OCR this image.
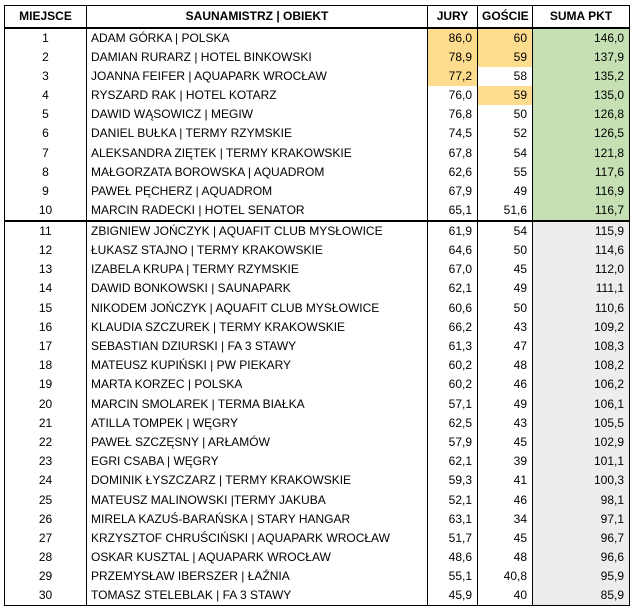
MIEJSCE	SAUNAMISTRZ | OBIEKT	JURY	GOŚCIE	SUMA PKT
1	ADAM GÓRKA | POLSKA	86,0	60	146,0
2	DAMIAN RURARZ | HOTEL BINKOWSKI	78,9	59	137,9
3	JOANNA FEIFER | AQUAPARK WROCŁAW	77,2	58	135,2
4	RYSZARD RAK | HOTEL KOTARZ	76,0	59	135,0
5	DAWID WĄSOWICZ | MEGIW	76,8	50	126,8
6	DANIEL BUŁKA | TERMY RZYMSKIE	74,5	52	126,5
7	ALEKSANDRA ZIĘTEK | TERMY KRAKOWSKIE	67,8	54	121,8
8	MAŁGORZATA BOROWSKA | AQUADROM	62,6	55	117,6
9	PAWEŁ PĘCHERZ | AQUADROM	67,9	49	116,9
10	MARCIN RADECKI | HOTEL SENATOR	65,1	51,6	116,7
11	ZBIGNIEW JOŃCZYK | AQUAFIT CLUB MYSŁOWICE	61,9	54	115,9
12	ŁUKASZ STAJNO | TERMY KRAKOWSKIE	64,6	50	114,6
13	IZABELA KRUPA | TERMY RZYMSKIE	67,0	45	112,0
14	DAWID BONKOWSKI | SAUNAPARK	62,1	49	111,1
15	NIKODEM JOŃCZYK | AQUAFIT CLUB MYSŁOWICE	60,6	50	110,6
16	KLAUDIA SZCZUREK | TERMY KRAKOWSKIE	66,2	43	109,2
17	SEBASTIAN DZIURSKI | FA 3 STAWY	61,3	47	108,3
18	MATEUSZ KUPIŃSKI | PW PIEKARY	60,2	48	108,2
19	MARTA KORZEC | POLSKA	60,2	46	106,2
20	MARCIN SMOLAREK | TERMA BIAŁKA	57,1	49	106,1
21	ATILLA TOMPEK | WĘGRY	62,5	43	105,5
22	PAWEŁ SZCZĘSNY | ARŁAMÓW	57,9	45	102,9
23	EGRI CSABA | WĘGRY	62,1	39	101,1
24	DOMINIK ŁYSZCZARZ | TERMY KRAKOWSKIE	59,3	41	100,3
25	MATEUSZ MALINOWSKI |TERMY JAKUBA	52,1	46	98,1
26	MIRELA KAZUŚ-BARAŃSKA | STARY HANGAR	63,1	34	97,1
27	KRZYSZTOF CHRUŚCIŃSKI | AQUAPARK WROCŁAW	51,7	45	96,7
28	OSKAR KUSZTAL | AQUAPARK WROCŁAW	48,6	48	96,6
29	PRZEMYSŁAW IBERSZER | ŁAŹNIA	55,1	40,8	95,9
30	TOMASZ STELEBLAK | FA 3 STAWY	45,9	40	85,9
